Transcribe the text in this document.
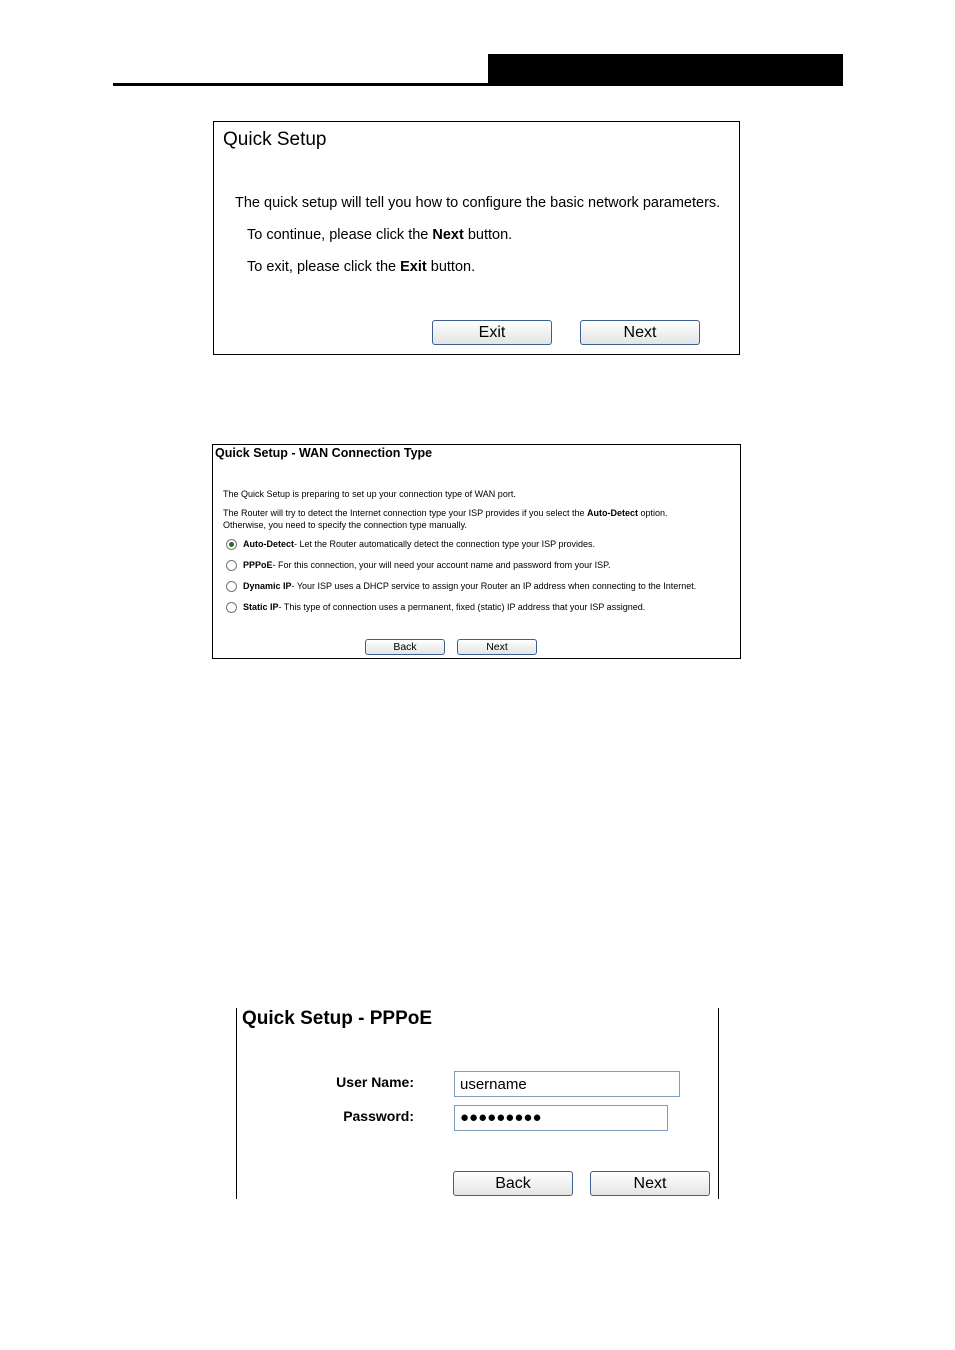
Quick Setup
The quick setup will tell you how to configure the basic network parameters.
To continue, please click the Next button.
To exit, please click the Exit button.
Exit	Next
Quick Setup - WAN Connection Type
The Quick Setup is preparing to set up your connection type of WAN port.
The Router will try to detect the Internet connection type your ISP provides if you select the Auto-Detect option.
Otherwise, you need to specify the connection type manually.
Auto-Detect - Let the Router automatically detect the connection type your ISP provides.
PPPoE - For this connection, your will need your account name and password from your ISP.
Dynamic IP - Your ISP uses a DHCP service to assign your Router an IP address when connecting to the Internet.
Static IP - This type of connection uses a permanent, fixed (static) IP address that your ISP assigned.
Back	Next
Quick Setup - PPPoE
User Name:
username
Password:	●●●●●●●●●
Back	Next
